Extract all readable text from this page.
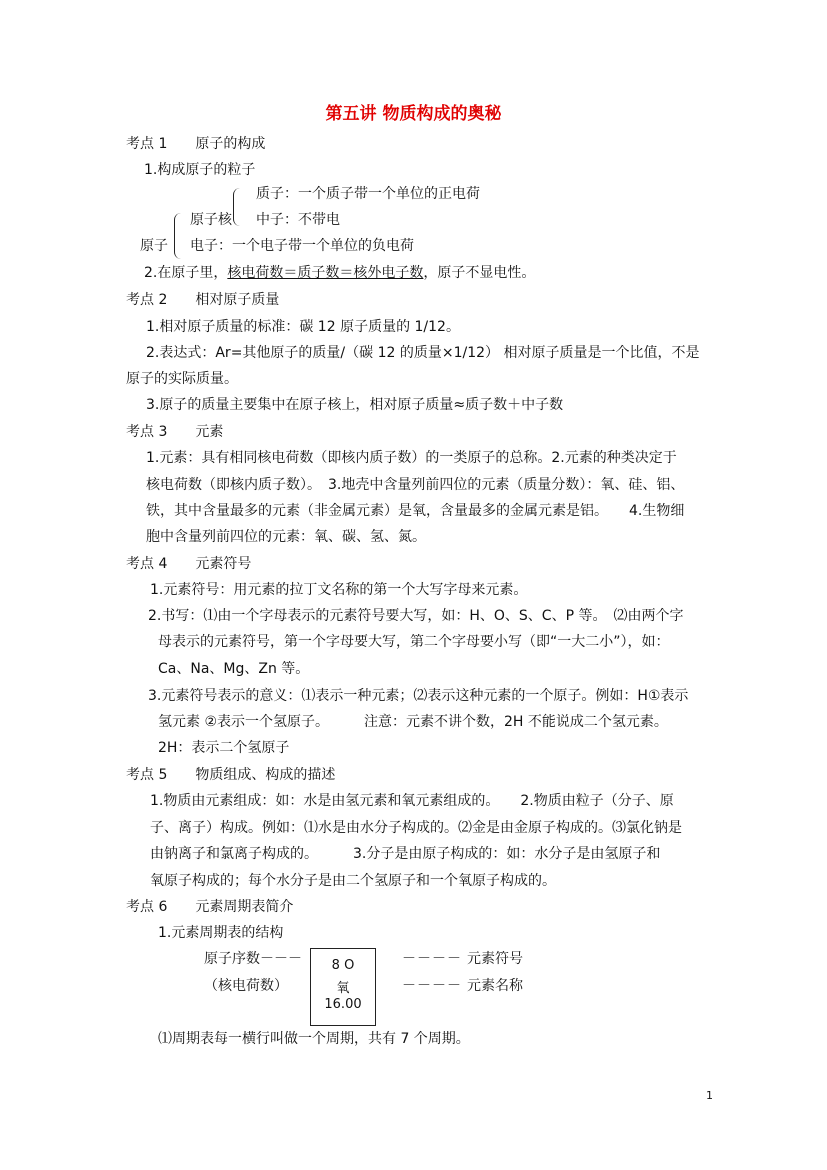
第五讲 物质构成的奥秘
考点 1　　原子的构成
1.构成原子的粒子
质子：一个质子带一个单位的正电荷
原子核 中子：不带电
原子 电子：一个电子带一个单位的负电荷
2.在原子里，核电荷数＝质子数＝核外电子数，原子不显电性。
考点 2　　相对原子质量
1.相对原子质量的标准：碳 12 原子质量的 1/12。
2.表达式：Ar=其他原子的质量/（碳 12 的质量×1/12） 相对原子质量是一个比值，不是
原子的实际质量。
3.原子的质量主要集中在原子核上，相对原子质量≈质子数＋中子数
考点 3　　元素
1.元素：具有相同核电荷数（即核内质子数）的一类原子的总称。2.元素的种类决定于
核电荷数（即核内质子数）。　3.地壳中含量列前四位的元素（质量分数）：氧、硅、铝、
铁，其中含量最多的元素（非金属元素）是氧，含量最多的金属元素是铝。　　4.生物细
胞中含量列前四位的元素：氧、碳、氢、氮。
考点 4　　元素符号
1.元素符号：用元素的拉丁文名称的第一个大写字母来元素。
2.书写：⑴由一个字母表示的元素符号要大写，如：H、O、S、C、P 等。　⑵由两个字
母表示的元素符号，第一个字母要大写，第二个字母要小写（即“一大二小”），如：
Ca、Na、Mg、Zn 等。
3.元素符号表示的意义：⑴表示一种元素；⑵表示这种元素的一个原子。例如：H①表示
氢元素 ②表示一个氢原子。　　　注意：元素不讲个数，2H 不能说成二个氢元素。
2H：表示二个氢原子
考点 5　　物质组成、构成的描述
1.物质由元素组成：如：水是由氢元素和氧元素组成的。　　2.物质由粒子（分子、原
子、离子）构成。例如：⑴水是由水分子构成的。⑵金是由金原子构成的。⑶氯化钠是
由钠离子和氯离子构成的。　　　3.分子是由原子构成的：如：水分子是由氢原子和
氧原子构成的；每个水分子是由二个氢原子和一个氧原子构成的。
考点 6　　元素周期表简介
1.元素周期表的结构
原子序数－－－
（核电荷数）
8 O
氧
16.00
－－－－ 元素符号
－－－－ 元素名称
⑴周期表每一横行叫做一个周期，共有 7 个周期。
1
